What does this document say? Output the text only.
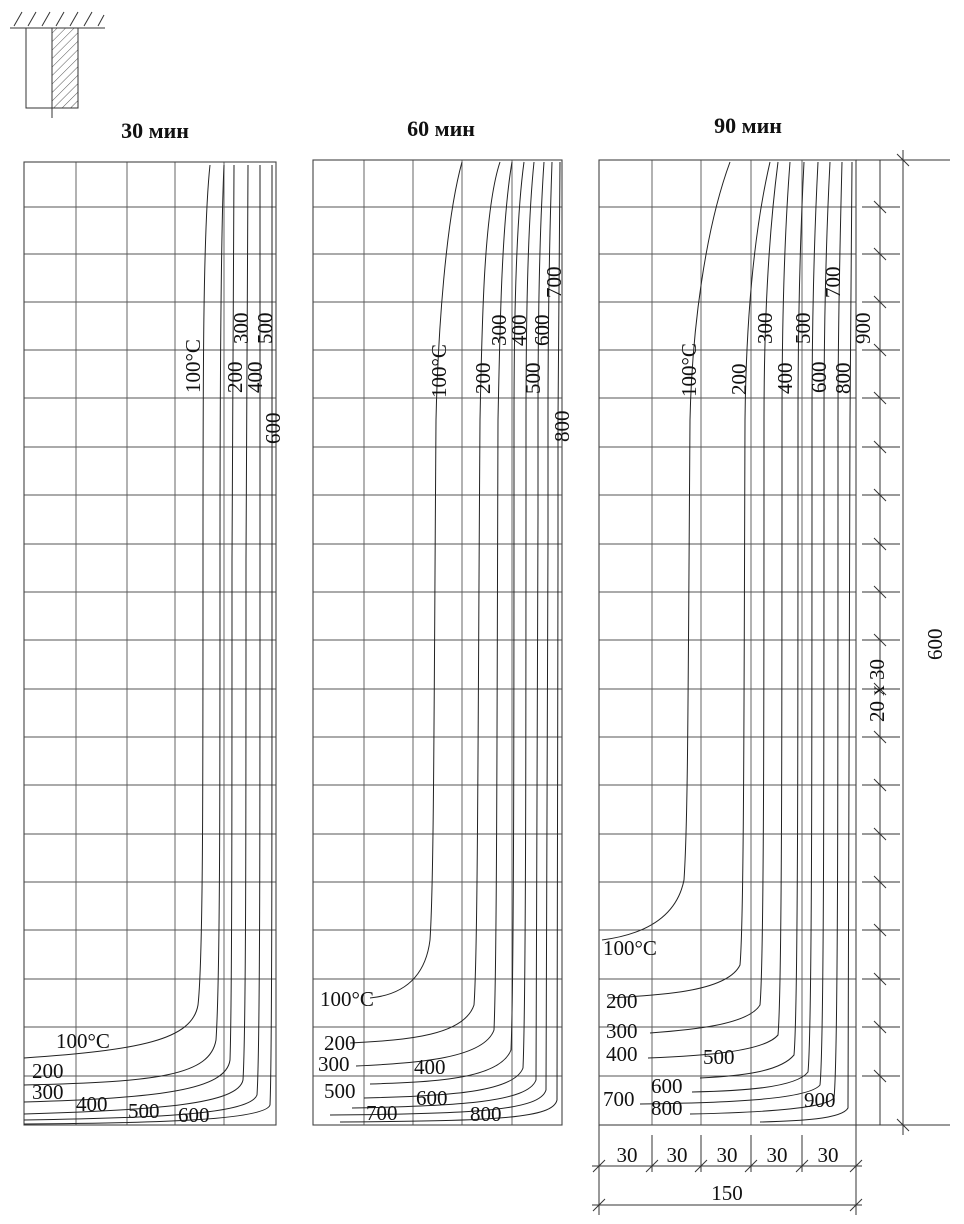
30 мин	60 мин	90 мин
100°C 200
300
400
500
600
100°C
200
300 400 500 600
100°C 200
300
400
500
600
700
800
100°C
200
300	400
500
700
600
800
100°C 200
300
400
500
600
700
800
900
100°C
200
300
400	500
600
700 800	900
600
20 x 30
30 30 30 30 30
150
